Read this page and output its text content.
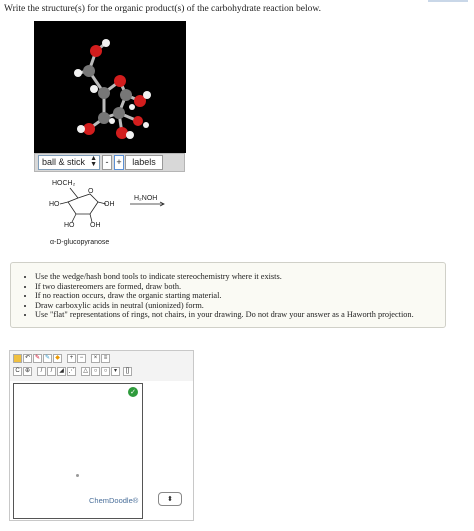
Write the structure(s) for the organic product(s) of the carbohydrate reaction below.
ball & stick ▲
▼ - +	labels
HOCH₂
O
HO	OH
HO OH
H₂NOH
α-D-glucopyranose
• Use the wedge/hash bond tools to indicate stereochemistry where it exists.
• If two diastereomers are formed, draw both.
• If no reaction occurs, draw the organic starting material.
• Draw carboxylic acids in neutral (unionized) form.
• Use "flat" representations of rings, not chairs, in your drawing. Do not draw your answer as a Haworth projection.
↶ ✎ ✎ ◆	+	−	×	≡
C ⊕	/	/	◢ ⋰	△ ○	○	▾	[]
✓
ChemDoodle®	⬍
